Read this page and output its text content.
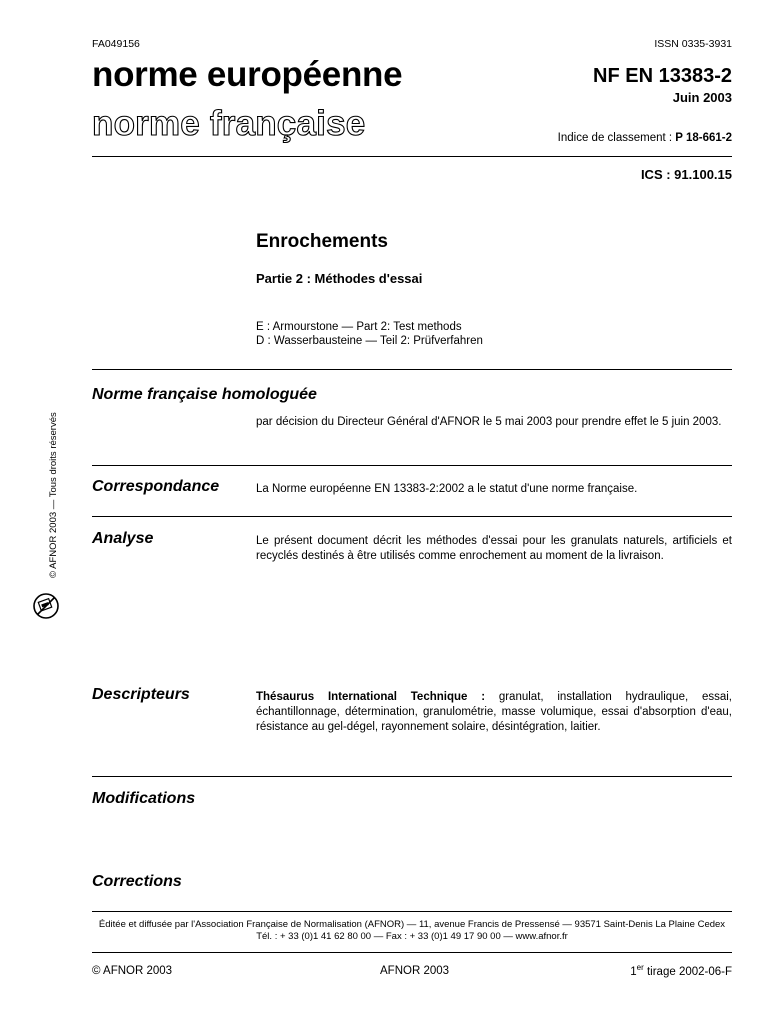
FA049156	ISSN 0335-3931
norme européenne
norme française
NF EN 13383-2
Juin 2003
Indice de classement : P 18-661-2
ICS : 91.100.15
Enrochements
Partie 2 : Méthodes d'essai
E : Armourstone — Part 2: Test methods
D : Wasserbausteine — Teil 2: Prüfverfahren
Norme française homologuée
par décision du Directeur Général d'AFNOR le 5 mai 2003 pour prendre effet le 5 juin 2003.
Correspondance	La Norme européenne EN 13383-2:2002 a le statut d'une norme française.
Analyse	Le présent document décrit les méthodes d'essai pour les granulats naturels, artificiels et recyclés destinés à être utilisés comme enrochement au moment de la livraison.
Descripteurs	Thésaurus International Technique : granulat, installation hydraulique, essai, échantillonnage, détermination, granulométrie, masse volumique, essai d'absorption d'eau, résistance au gel-dégel, rayonnement solaire, désintégration, laitier.
Modifications
Corrections
Éditée et diffusée par l'Association Française de Normalisation (AFNOR) — 11, avenue Francis de Pressensé — 93571 Saint-Denis La Plaine Cedex
Tél. : + 33 (0)1 41 62 80 00 — Fax : + 33 (0)1 49 17 90 00 — www.afnor.fr
© AFNOR 2003	AFNOR 2003	1er tirage 2002-06-F
© AFNOR 2003 — Tous droits réservés
